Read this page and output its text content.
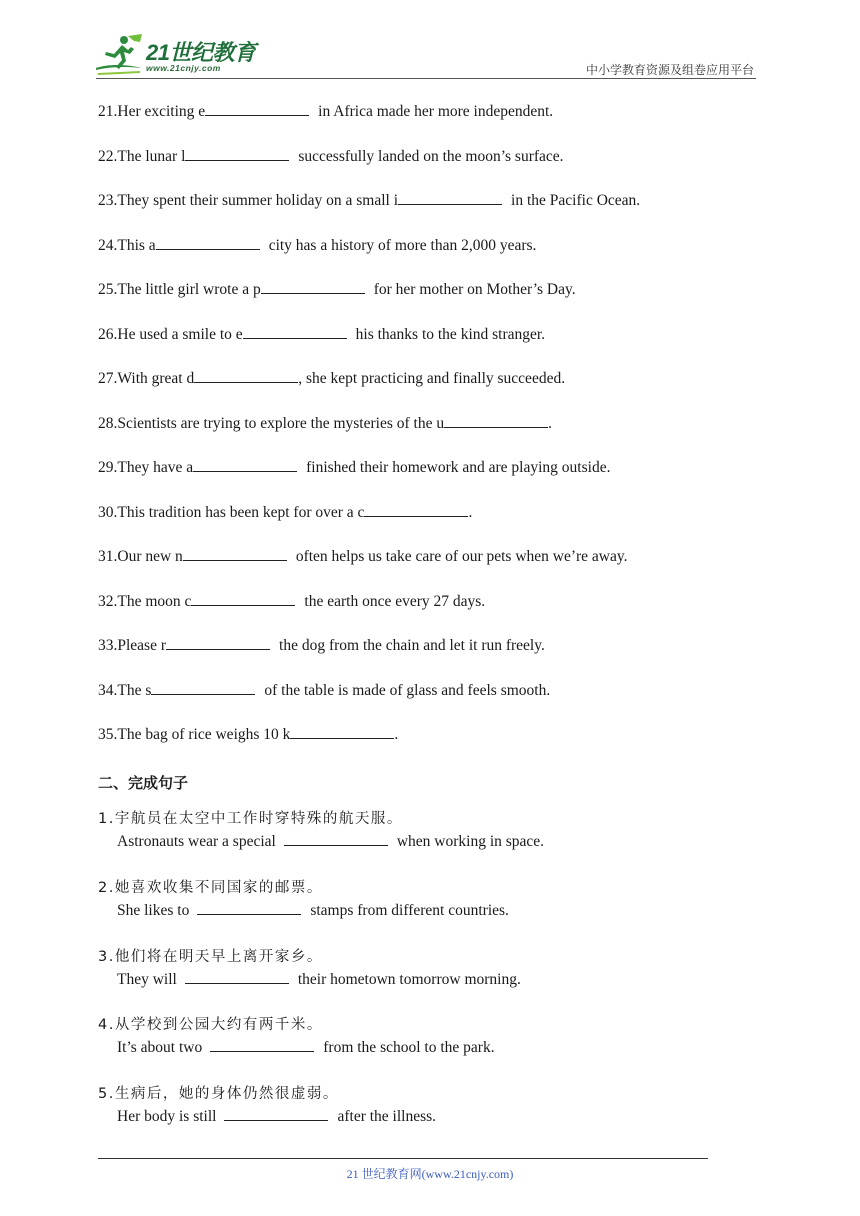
21世纪教育
www.21cnjy.com	中小学教育资源及组卷应用平台
21.Her exciting e	in Africa made her more independent.
22.The lunar l	successfully landed on the moon’s surface.
23.They spent their summer holiday on a small i	in the Pacific Ocean.
24.This a	city has a history of more than 2,000 years.
25.The little girl wrote a p	for her mother on Mother’s Day.
26.He used a smile to e	his thanks to the kind stranger.
27.With great d	, she kept practicing and finally succeeded.
28.Scientists are trying to explore the mysteries of the u	.
29.They have a	finished their homework and are playing outside.
30.This tradition has been kept for over a c	.
31.Our new n	often helps us take care of our pets when we’re away.
32.The moon c	the earth once every 27 days.
33.Please r	the dog from the chain and let it run freely.
34.The s	of the table is made of glass and feels smooth.
35.The bag of rice weighs 10 k	.
二、完成句子
1.宇航员在太空中工作时穿特殊的航天服。
Astronauts wear a special	when working in space.
2.她喜欢收集不同国家的邮票。
She likes to	stamps from different countries.
3.他们将在明天早上离开家乡。
They will	their hometown tomorrow morning.
4.从学校到公园大约有两千米。
It’s about two	from the school to the park.
5.生病后，她的身体仍然很虚弱。
Her body is still	after the illness.
21 世纪教育网(www.21cnjy.com)
